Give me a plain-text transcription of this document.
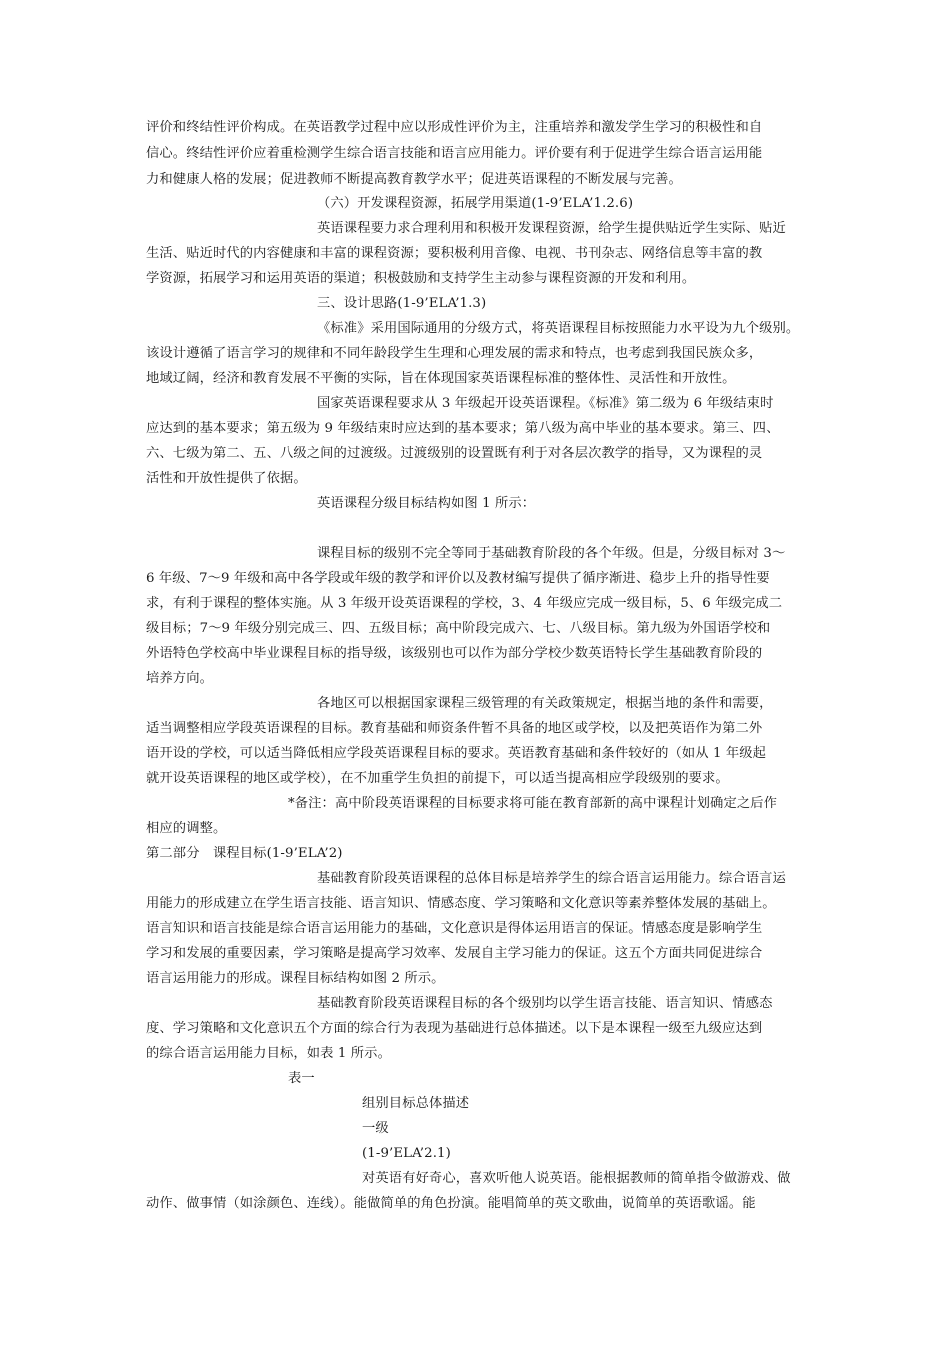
评价和终结性评价构成。在英语教学过程中应以形成性评价为主，注重培养和激发学生学习的积极性和自
信心。终结性评价应着重检测学生综合语言技能和语言应用能力。评价要有利于促进学生综合语言运用能
力和健康人格的发展；促进教师不断提高教育教学水平；促进英语课程的不断发展与完善。
（六）开发课程资源，拓展学用渠道(1-9’ELA’1.2.6)
英语课程要力求合理利用和积极开发课程资源，给学生提供贴近学生实际、贴近
生活、贴近时代的内容健康和丰富的课程资源；要积极利用音像、电视、书刊杂志、网络信息等丰富的教
学资源，拓展学习和运用英语的渠道；积极鼓励和支持学生主动参与课程资源的开发和利用。
三、设计思路(1-9’ELA’1.3)
《标准》采用国际通用的分级方式，将英语课程目标按照能力水平设为九个级别。
该设计遵循了语言学习的规律和不同年龄段学生生理和心理发展的需求和特点，也考虑到我国民族众多，
地域辽阔，经济和教育发展不平衡的实际，旨在体现国家英语课程标准的整体性、灵活性和开放性。
国家英语课程要求从 3 年级起开设英语课程。《标准》第二级为 6 年级结束时
应达到的基本要求；第五级为 9 年级结束时应达到的基本要求；第八级为高中毕业的基本要求。第三、四、
六、七级为第二、五、八级之间的过渡级。过渡级别的设置既有利于对各层次教学的指导，又为课程的灵
活性和开放性提供了依据。
英语课程分级目标结构如图 1 所示：
课程目标的级别不完全等同于基础教育阶段的各个年级。但是，分级目标对 3～
6 年级、7～9 年级和高中各学段或年级的教学和评价以及教材编写提供了循序渐进、稳步上升的指导性要
求，有利于课程的整体实施。从 3 年级开设英语课程的学校，3、4 年级应完成一级目标，5、6 年级完成二
级目标；7～9 年级分别完成三、四、五级目标；高中阶段完成六、七、八级目标。第九级为外国语学校和
外语特色学校高中毕业课程目标的指导级，该级别也可以作为部分学校少数英语特长学生基础教育阶段的
培养方向。
各地区可以根据国家课程三级管理的有关政策规定，根据当地的条件和需要，
适当调整相应学段英语课程的目标。教育基础和师资条件暂不具备的地区或学校，以及把英语作为第二外
语开设的学校，可以适当降低相应学段英语课程目标的要求。英语教育基础和条件较好的（如从 1 年级起
就开设英语课程的地区或学校），在不加重学生负担的前提下，可以适当提高相应学段级别的要求。
*备注：高中阶段英语课程的目标要求将可能在教育部新的高中课程计划确定之后作
相应的调整。
第二部分　课程目标(1-9’ELA’2)
基础教育阶段英语课程的总体目标是培养学生的综合语言运用能力。综合语言运
用能力的形成建立在学生语言技能、语言知识、情感态度、学习策略和文化意识等素养整体发展的基础上。
语言知识和语言技能是综合语言运用能力的基础，文化意识是得体运用语言的保证。情感态度是影响学生
学习和发展的重要因素，学习策略是提高学习效率、发展自主学习能力的保证。这五个方面共同促进综合
语言运用能力的形成。课程目标结构如图 2 所示。
基础教育阶段英语课程目标的各个级别均以学生语言技能、语言知识、情感态
度、学习策略和文化意识五个方面的综合行为表现为基础进行总体描述。以下是本课程一级至九级应达到
的综合语言运用能力目标，如表 1 所示。
表一
组别目标总体描述
一级
(1-9’ELA’2.1)
对英语有好奇心，喜欢听他人说英语。能根据教师的简单指令做游戏、做
动作、做事情（如涂颜色、连线）。能做简单的角色扮演。能唱简单的英文歌曲，说简单的英语歌谣。能
